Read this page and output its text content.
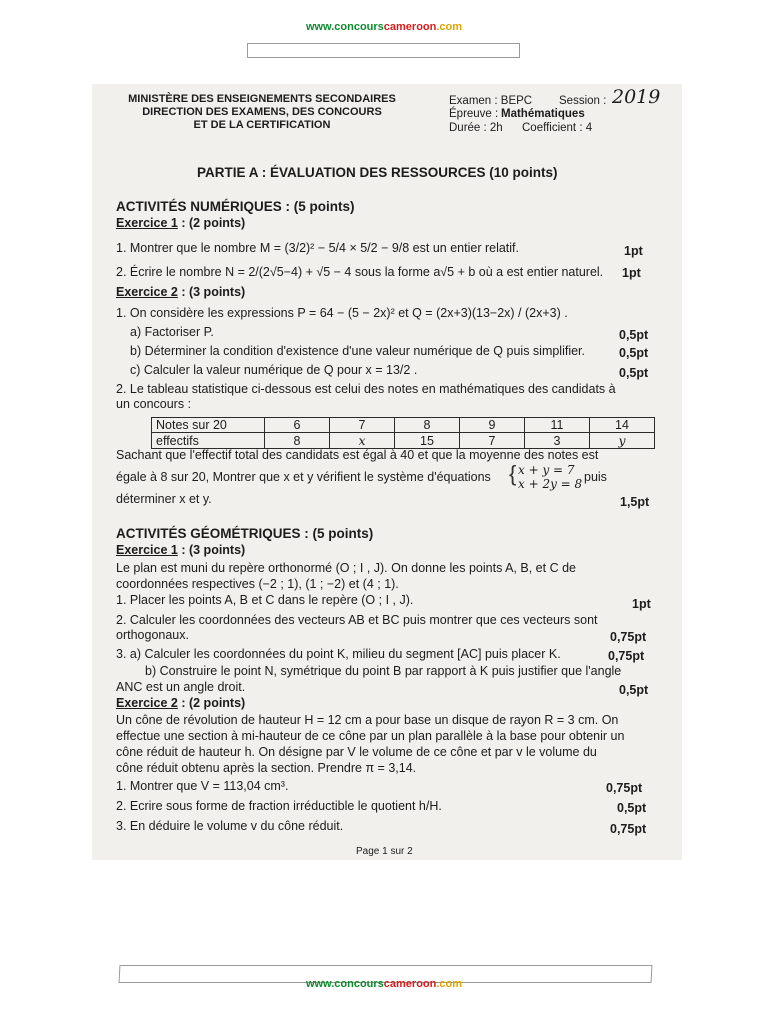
www.concourscameroon.com
MINISTÈRE DES ENSEIGNEMENTS SECONDAIRES
DIRECTION DES EXAMENS, DES CONCOURS
ET DE LA CERTIFICATION
Examen : BEPC Session : 2019
Épreuve : Mathématiques
Durée : 2h Coefficient : 4
PARTIE A : ÉVALUATION DES RESSOURCES (10 points)
ACTIVITÉS NUMÉRIQUES : (5 points)
Exercice 1 : (2 points)
1. Montrer que le nombre M = (3/2)² − 5/4 × 5/2 − 9/8 est un entier relatif.	1pt
2. Écrire le nombre N = 2/(2√5−4) + √5 − 4 sous la forme a√5 + b où a est entier naturel. 1pt
Exercice 2 : (3 points)
1. On considère les expressions P = 64 − (5 − 2x)² et Q = (2x+3)(13−2x) / (2x+3) .
a) Factoriser P.	0,5pt
b) Déterminer la condition d'existence d'une valeur numérique de Q puis simplifier.	0,5pt
c) Calculer la valeur numérique de Q pour x = 13/2 .	0,5pt
2. Le tableau statistique ci-dessous est celui des notes en mathématiques des candidats à
un concours :
Notes sur 20	6	7	8	9	11	14
effectifs	8	x	15	7	3	y
Sachant que l'effectif total des candidats est égal à 40 et que la moyenne des notes est
égale à 8 sur 20, Montrer que x et y vérifient le système d'équations { x + y = 7
x + 2y = 8 puis
déterminer x et y.	1,5pt
ACTIVITÉS GÉOMÉTRIQUES : (5 points)
Exercice 1 : (3 points)
Le plan est muni du repère orthonormé (O ; I , J). On donne les points A, B, et C de
coordonnées respectives (−2 ; 1), (1 ; −2) et (4 ; 1).
1. Placer les points A, B et C dans le repère (O ; I , J).	1pt
2. Calculer les coordonnées des vecteurs AB et BC puis montrer que ces vecteurs sont
orthogonaux.	0,75pt
3. a) Calculer les coordonnées du point K, milieu du segment [AC] puis placer K.	0,75pt
b) Construire le point N, symétrique du point B par rapport à K puis justifier que l'angle
ANC est un angle droit.	0,5pt
Exercice 2 : (2 points)
Un cône de révolution de hauteur H = 12 cm a pour base un disque de rayon R = 3 cm. On
effectue une section à mi-hauteur de ce cône par un plan parallèle à la base pour obtenir un
cône réduit de hauteur h. On désigne par V le volume de ce cône et par v le volume du
cône réduit obtenu après la section. Prendre π = 3,14.
1. Montrer que V = 113,04 cm³.	0,75pt
2. Ecrire sous forme de fraction irréductible le quotient h/H.	0,5pt
3. En déduire le volume v du cône réduit.	0,75pt
Page 1 sur 2
www.concourscameroon.com
